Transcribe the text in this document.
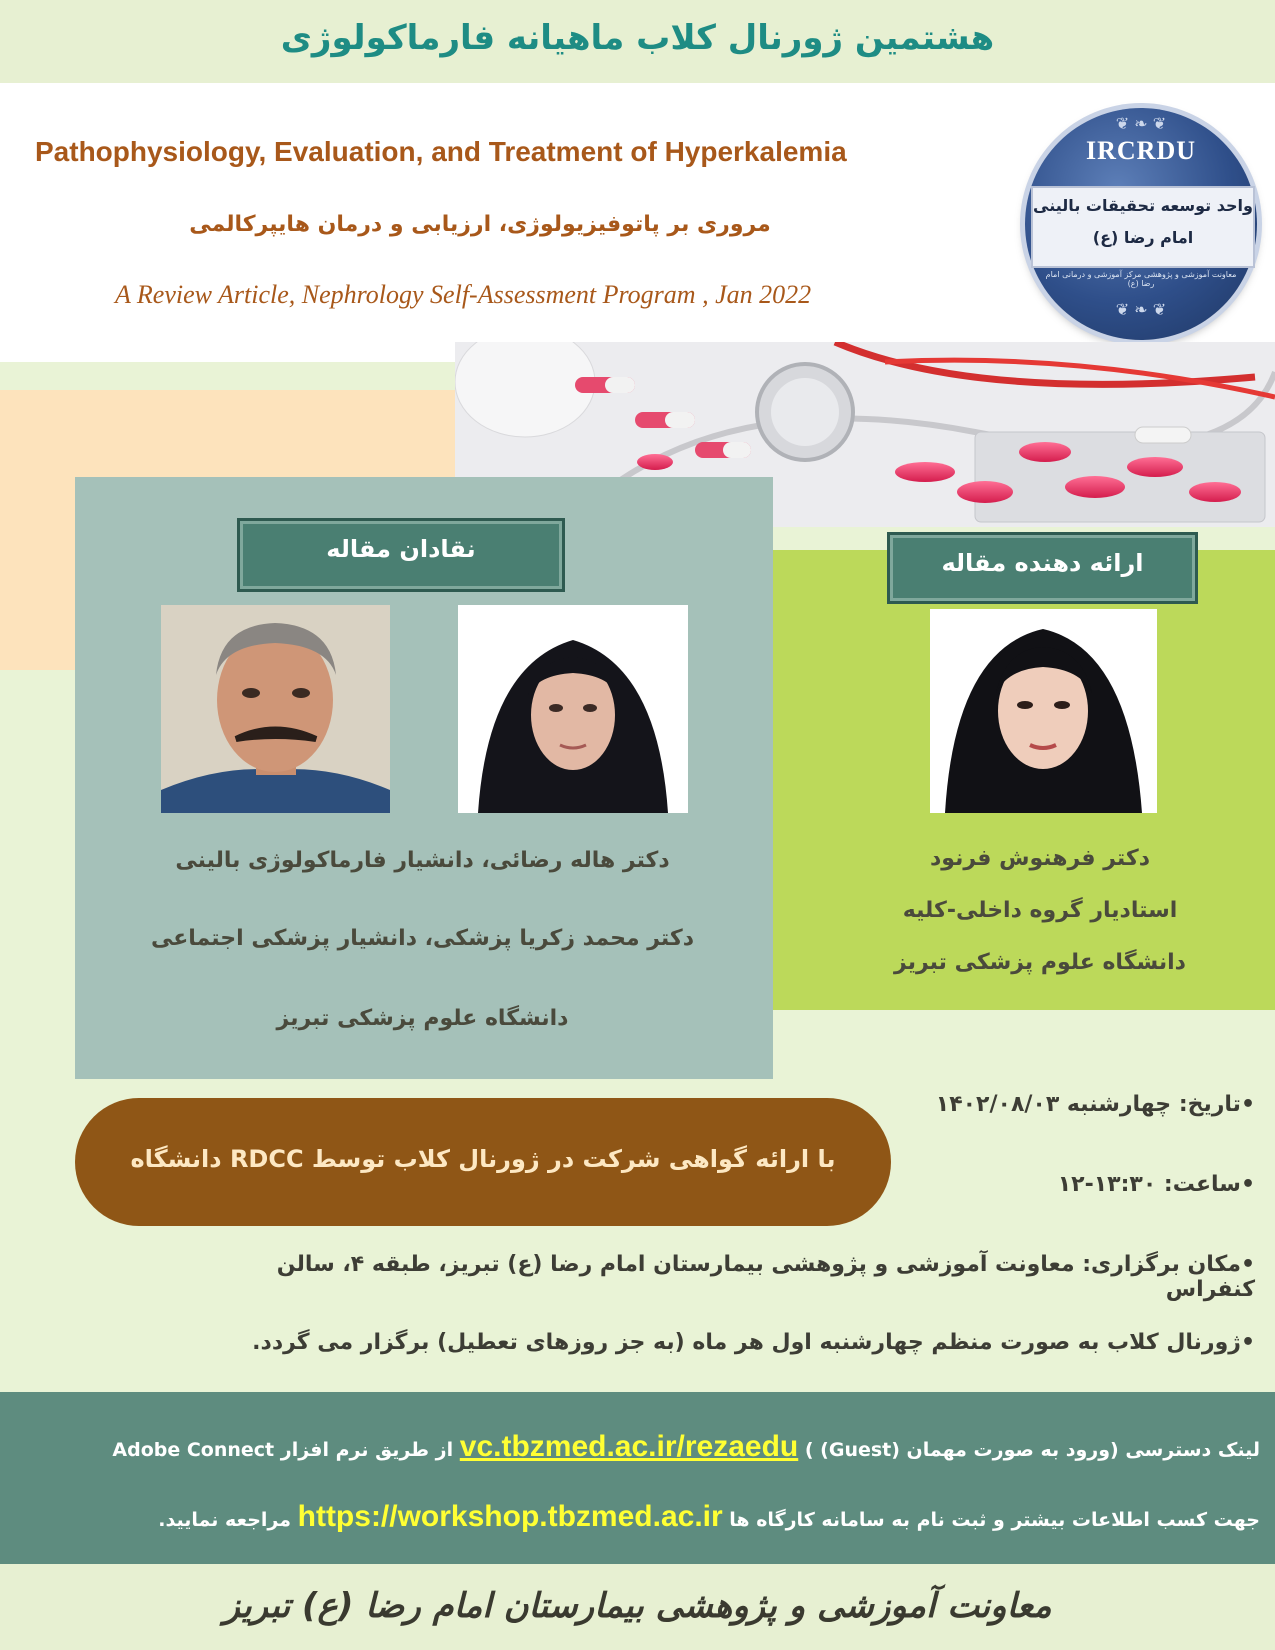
هشتمین ژورنال کلاب ماهیانه فارماکولوژی
Pathophysiology, Evaluation, and Treatment of Hyperkalemia
مروری بر پاتوفیزیولوژی، ارزیابی و درمان هایپرکالمی
A Review Article, Nephrology Self-Assessment Program , Jan 2022
❦ ❧ ❦
IRCRDU
واحد توسعه تحقیقات بالینی
امام رضا (ع)
معاونت آموزشی و پژوهشی مرکز آموزشی و درمانی امام رضا (ع)
❦ ❧ ❦
نقادان مقاله
دکتر هاله رضائی، دانشیار فارماکولوژی بالینی
دکتر محمد زکریا پزشکی، دانشیار پزشکی اجتماعی
دانشگاه علوم پزشکی تبریز
ارائه دهنده مقاله
دکتر فرهنوش فرنود
استادیار گروه داخلی-کلیه
دانشگاه علوم پزشکی تبریز
با ارائه گواهی شرکت در ژورنال کلاب توسط RDCC دانشگاه
• تاریخ: چهارشنبه ۱۴۰۲/۰۸/۰۳
• ساعت: ۱۳:۳۰-۱۲
• مکان برگزاری: معاونت آموزشی و پژوهشی بیمارستان امام رضا (ع) تبریز، طبقه ۴، سالن کنفراس
• ژورنال کلاب به صورت منظم چهارشنبه اول هر ماه (به جز روزهای تعطیل) برگزار می گردد.
لینک دسترسی (ورود به صورت مهمان (Guest) ) vc.tbzmed.ac.ir/rezaedu از طریق نرم افزار Adobe Connect
جهت کسب اطلاعات بیشتر و ثبت نام به سامانه کارگاه ها https://workshop.tbzmed.ac.ir مراجعه نمایید.
معاونت آموزشی و پژوهشی بیمارستان امام رضا (ع) تبریز
